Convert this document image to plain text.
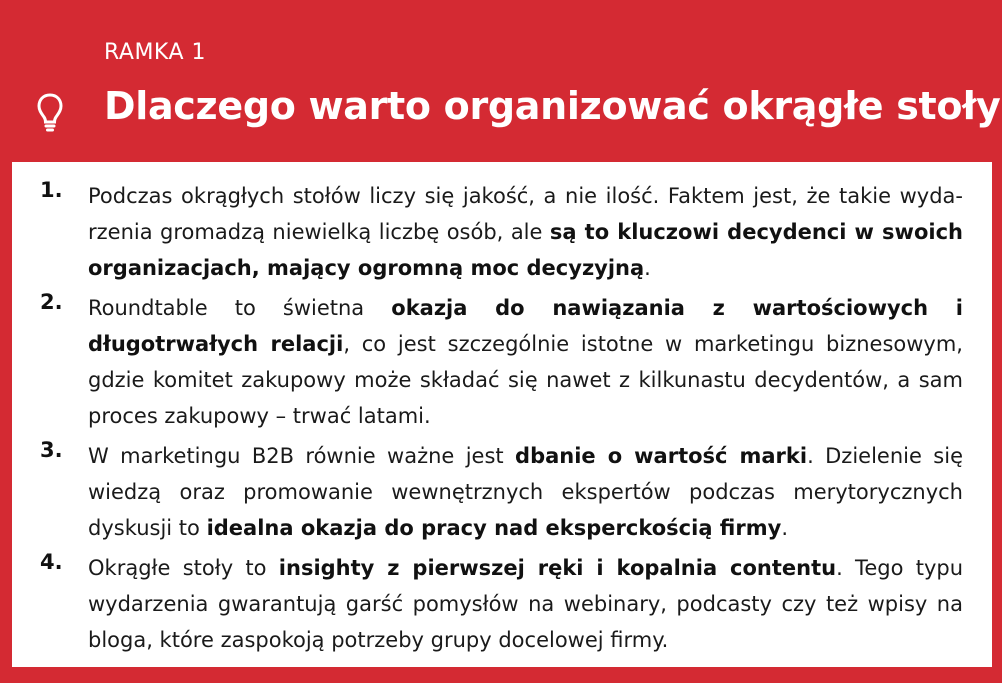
RAMKA 1
Dlaczego warto organizować okrągłe stoły
1. Podczas okrągłych stołów liczy się jakość, a nie ilość. Faktem jest, że takie wydarzenia gromadzą niewielką liczbę osób, ale są to kluczowi decydenci w swoich organizacjach, mający ogromną moc decyzyjną.
2. Roundtable to świetna okazja do nawiązania z wartościowych i długotrwałych relacji, co jest szczególnie istotne w marketingu biznesowym, gdzie komitet zakupowy może składać się nawet z kilkunastu decydentów, a sam proces zakupowy – trwać latami.
3. W marketingu B2B równie ważne jest dbanie o wartość marki. Dzielenie się wiedzą oraz promowanie wewnętrznych ekspertów podczas merytorycznych dyskusji to idealna okazja do pracy nad eksperckością firmy.
4. Okrągłe stoły to insighty z pierwszej ręki i kopalnia contentu. Tego typu wydarzenia gwarantują garść pomysłów na webinary, podcasty czy też wpisy na bloga, które zaspokoją potrzeby grupy docelowej firmy.
